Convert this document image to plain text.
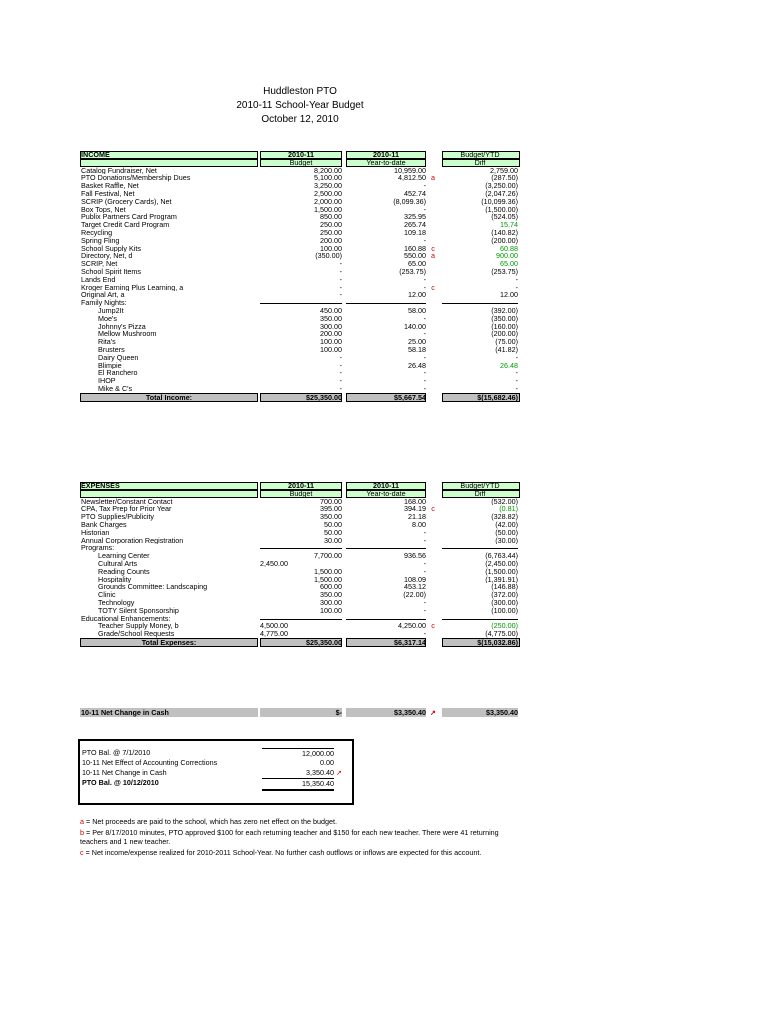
Huddleston PTO
2010-11 School-Year Budget
October 12, 2010
INCOME	2010-11	2010-11	Budget/YTD
Budget	Year-to-date	Diff
Catalog Fundraiser, Net	8,200.00	10,959.00	2,759.00
PTO Donations/Membership Dues	5,100.00	4,812.50 a	(287.50)
Basket Raffle, Net	3,250.00	-	(3,250.00)
Fall Festival, Net	2,500.00	452.74	(2,047.26)
SCRIP (Grocery Cards), Net	2,000.00	(8,099.36)	(10,099.36)
Box Tops, Net	1,500.00	-	(1,500.00)
Publix Partners Card Program	850.00	325.95	(524.05)
Target Credit Card Program	250.00	265.74	15.74
Recycling	250.00	109.18	(140.82)
Spring Fling	200.00	-	(200.00)
School Supply Kits	100.00	160.88 c	60.88
Directory, Net, d	(350.00)	550.00 a	900.00
SCRIP, Net	-	65.00	65.00
School Spirit Items	-	(253.75)	(253.75)
Lands End	-	-	-
Kroger Earning Plus Learning, a	-	- c	-
Original Art, a	-	12.00	12.00
Family Nights:
Jump2It	450.00	58.00	(392.00)
Moe's	350.00	-	(350.00)
Johnny's Pizza	300.00	140.00	(160.00)
Mellow Mushroom	200.00	-	(200.00)
Rita's	100.00	25.00	(75.00)
Brusters	100.00	58.18	(41.82)
Dairy Queen	-	-	-
Blimpie	-	26.48	26.48
El Ranchero	-	-	-
IHOP	-	-	-
Mike & C's	-	-	-
Total Income:	$25,350.00	$5,667.54	$(15,682.46)
EXPENSES	2010-11	2010-11	Budget/YTD
Budget	Year-to-date	Diff
Newsletter/Constant Contact	700.00	168.00	(532.00)
CPA, Tax Prep for Prior Year	395.00	394.19 c	(0.81)
PTO Supplies/Publicity	350.00	21.18	(328.82)
Bank Charges	50.00	8.00	(42.00)
Historian	50.00	-	(50.00)
Annual Corporation Registration	30.00	-	(30.00)
Programs:
Learning Center	7,700.00	936.56	(6,763.44)
Cultural Arts	2,450.00	-	(2,450.00)
Reading Counts	1,500.00	-	(1,500.00)
Hospitality	1,500.00	108.09	(1,391.91)
Grounds Committee: Landscaping	600.00	453.12	(146.88)
Clinic	350.00	(22.00)	(372.00)
Technology	300.00	-	(300.00)
TOTY Silent Sponsorship	100.00	-	(100.00)
Educational Enhancements:
Teacher Supply Money, b	4,500.00	4,250.00 c	(250.00)
Grade/School Requests	4,775.00	-	(4,775.00)
Total Expenses:	$25,350.00	$6,317.14	$(15,032.86)
10-11 Net Change in Cash	$-	$3,350.40 ↗	$3,350.40
PTO Bal. @ 7/1/2010	12,000.00
10-11 Net Effect of Accounting Corrections	0.00
10-11 Net Change in Cash	3,350.40 ↗
PTO Bal. @ 10/12/2010	15,350.40
a = Net proceeds are paid to the school, which has zero net effect on the budget.
b = Per 8/17/2010 minutes, PTO approved $100 for each returning teacher and $150 for each new teacher. There were 41 returning teachers and 1 new teacher.
c = Net income/expense realized for 2010-2011 School-Year. No further cash outflows or inflows are expected for this account.
